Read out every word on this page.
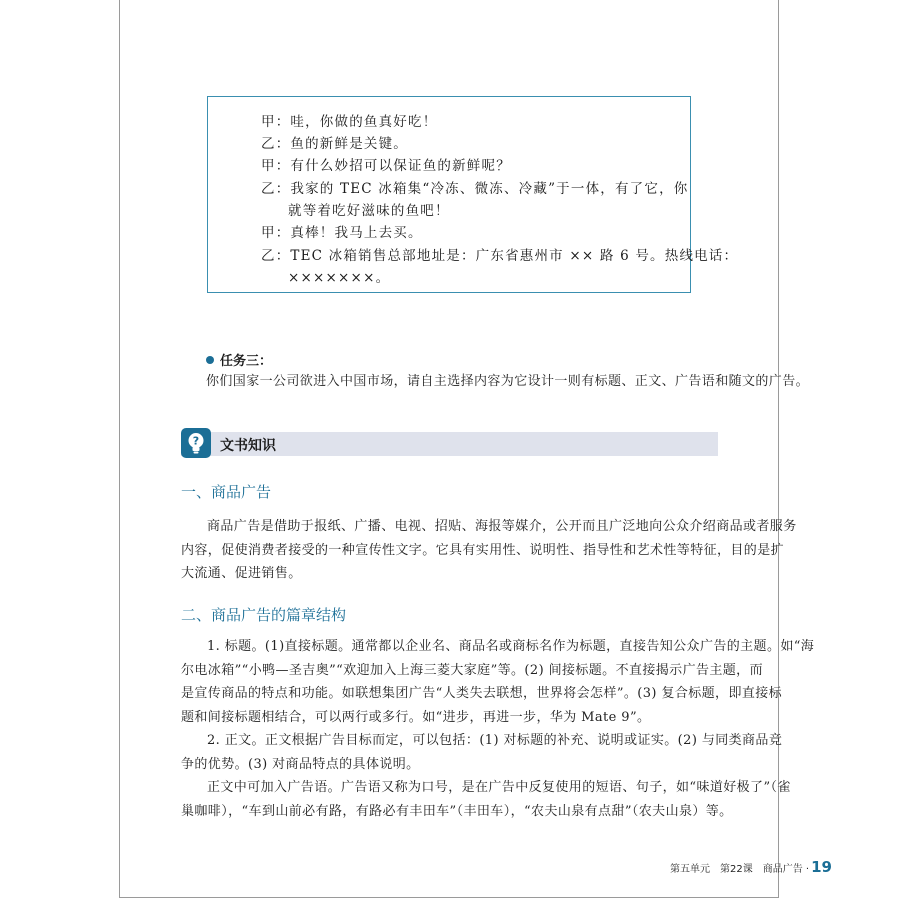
甲：哇，你做的鱼真好吃！
乙：鱼的新鲜是关键。
甲：有什么妙招可以保证鱼的新鲜呢？
乙：我家的 TEC 冰箱集“冷冻、微冻、冷藏”于一体，有了它，你
就等着吃好滋味的鱼吧！
甲：真棒！我马上去买。
乙：TEC 冰箱销售总部地址是：广东省惠州市 ×× 路 6 号。热线电话：
×××××××。
任务三：
你们国家一公司欲进入中国市场，请自主选择内容为它设计一则有标题、正文、广告语和随文的广告。
? 文书知识
一、商品广告
商品广告是借助于报纸、广播、电视、招贴、海报等媒介，公开而且广泛地向公众介绍商品或者服务
内容，促使消费者接受的一种宣传性文字。它具有实用性、说明性、指导性和艺术性等特征，目的是扩
大流通、促进销售。
二、商品广告的篇章结构
1. 标题。(1)直接标题。通常都以企业名、商品名或商标名作为标题，直接告知公众广告的主题。如“海
尔电冰箱”“小鸭—圣吉奥”“欢迎加入上海三菱大家庭”等。(2) 间接标题。不直接揭示广告主题，而
是宣传商品的特点和功能。如联想集团广告“人类失去联想，世界将会怎样”。(3) 复合标题，即直接标
题和间接标题相结合，可以两行或多行。如“进步，再进一步，华为 Mate 9”。
2. 正文。正文根据广告目标而定，可以包括：(1) 对标题的补充、说明或证实。(2) 与同类商品竞
争的优势。(3) 对商品特点的具体说明。
正文中可加入广告语。广告语又称为口号，是在广告中反复使用的短语、句子，如“味道好极了”（雀
巢咖啡），“车到山前必有路，有路必有丰田车”（丰田车），“农夫山泉有点甜”（农夫山泉）等。
第五单元　第22课　商品广告 · 19
